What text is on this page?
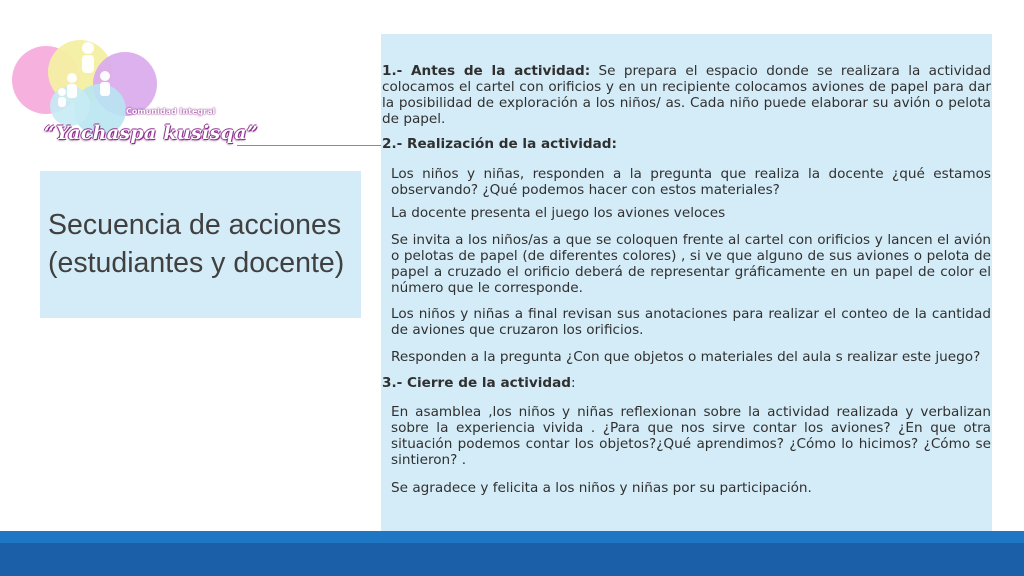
Comunidad Integral
“Yachaspa kusisqa”
Secuencia de acciones (estudiantes y docente)

1.- Antes de la actividad: Se prepara el espacio donde se realizara la actividad colocamos el cartel con orificios y en un recipiente colocamos aviones de papel para dar la posibilidad de exploración a los niños/ as. Cada niño puede elaborar su avión o pelota de papel.

2.- Realización de la actividad:

Los niños y niñas, responden a la pregunta que realiza la docente ¿qué estamos observando? ¿Qué podemos hacer con estos materiales?

La docente presenta el juego los aviones veloces

Se invita a los niños/as a que se coloquen frente al cartel con orificios y lancen el avión o pelotas de papel (de diferentes colores) , si ve que alguno de sus aviones o pelota de papel a cruzado el orificio deberá de representar gráficamente en un papel de color el número que le corresponde.

Los niños y niñas a final revisan sus anotaciones para realizar el conteo de la cantidad de aviones que cruzaron los orificios.

Responden a la pregunta ¿Con que objetos o materiales del aula s realizar este juego?

3.- Cierre de la actividad:

En asamblea ,los niños y niñas reflexionan sobre la actividad realizada y verbalizan sobre la experiencia vivida . ¿Para que nos sirve contar los aviones? ¿En que otra situación podemos contar los objetos?¿Qué aprendimos? ¿Cómo lo hicimos? ¿Cómo se sintieron? .

Se agradece y felicita a los niños y niñas por su participación.
